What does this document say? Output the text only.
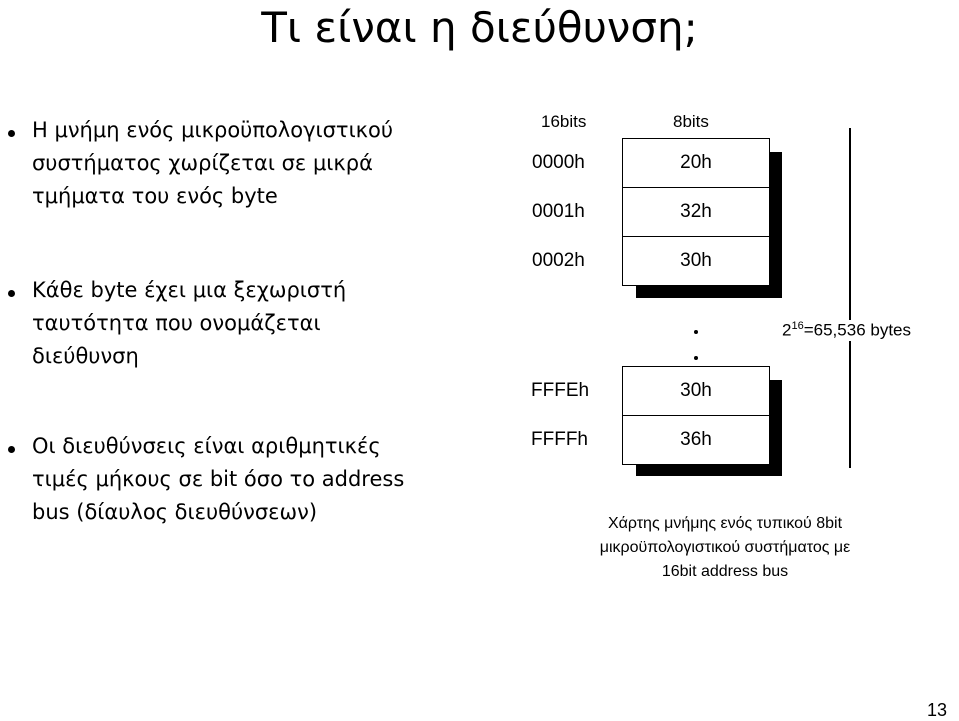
Τι είναι η διεύθυνση;
Η μνήμη ενός μικροϋπολογιστικού
συστήματος χωρίζεται σε μικρά
τμήματα του ενός byte
Κάθε byte έχει μια ξεχωριστή
ταυτότητα που ονομάζεται
διεύθυνση
Οι διευθύνσεις είναι αριθμητικές
τιμές μήκους σε bit όσο το address
bus (δίαυλος διευθύνσεων)
16bits	8bits
20h
32h
30h
0000h
0001h
0002h
30h
36h
FFFEh
FFFFh
$2^{16}=65,536$ bytes
Χάρτης μνήμης ενός τυπικού 8bit
μικροϋπολογιστικού συστήματος με
16bit address bus
13
